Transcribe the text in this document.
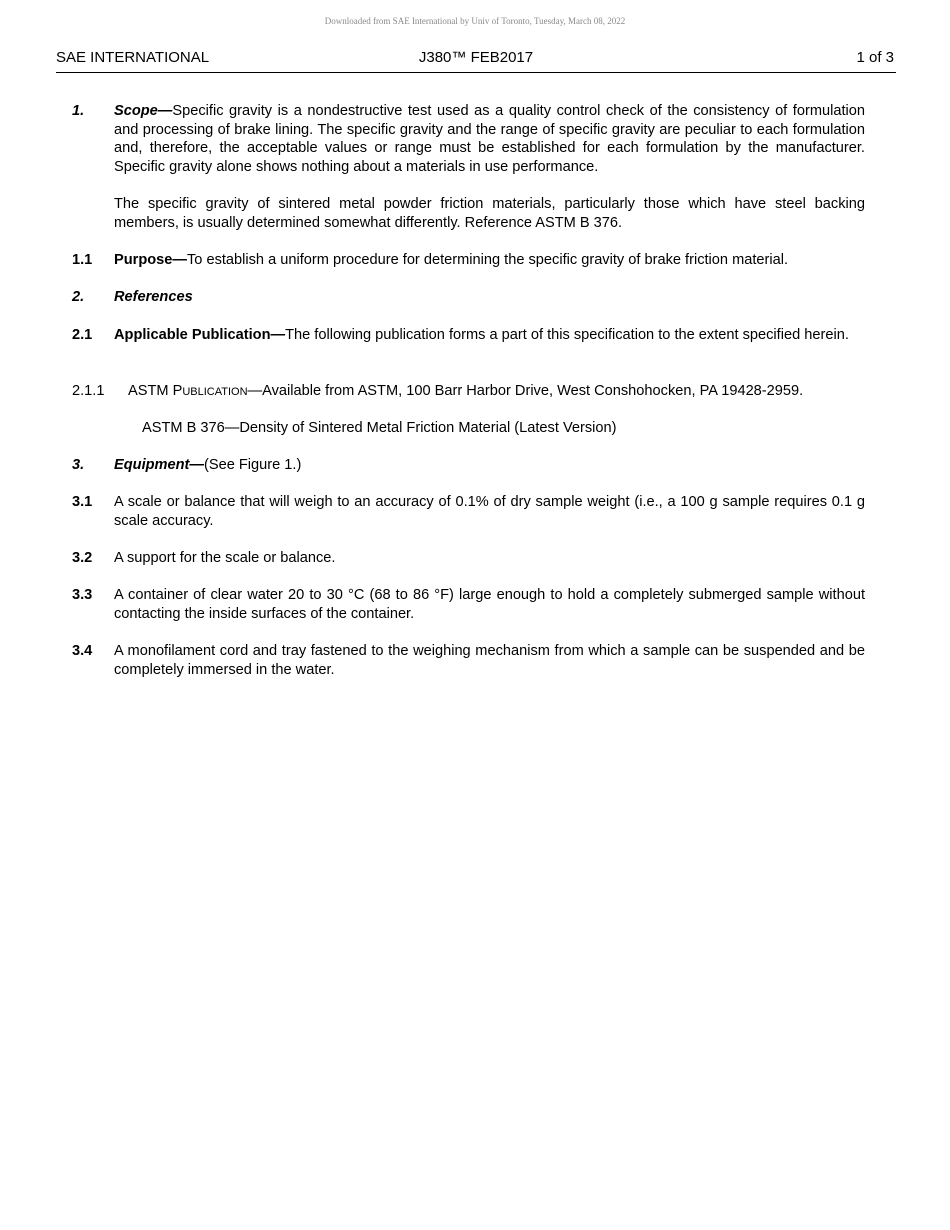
Downloaded from SAE International by Univ of Toronto, Tuesday, March 08, 2022
SAE INTERNATIONAL	J380™ FEB2017	1 of 3
1. Scope—Specific gravity is a nondestructive test used as a quality control check of the consistency of formulation and processing of brake lining. The specific gravity and the range of specific gravity are peculiar to each formulation and, therefore, the acceptable values or range must be established for each formulation by the manufacturer. Specific gravity alone shows nothing about a materials in use performance.
The specific gravity of sintered metal powder friction materials, particularly those which have steel backing members, is usually determined somewhat differently. Reference ASTM B 376.
1.1 Purpose—To establish a uniform procedure for determining the specific gravity of brake friction material.
2. References
2.1 Applicable Publication—The following publication forms a part of this specification to the extent specified herein.
2.1.1 ASTM PUBLICATION—Available from ASTM, 100 Barr Harbor Drive, West Conshohocken, PA 19428-2959.
ASTM B 376—Density of Sintered Metal Friction Material (Latest Version)
3. Equipment—(See Figure 1.)
3.1 A scale or balance that will weigh to an accuracy of 0.1% of dry sample weight (i.e., a 100 g sample requires 0.1 g scale accuracy.
3.2 A support for the scale or balance.
3.3 A container of clear water 20 to 30 °C (68 to 86 °F) large enough to hold a completely submerged sample without contacting the inside surfaces of the container.
3.4 A monofilament cord and tray fastened to the weighing mechanism from which a sample can be suspended and be completely immersed in the water.
